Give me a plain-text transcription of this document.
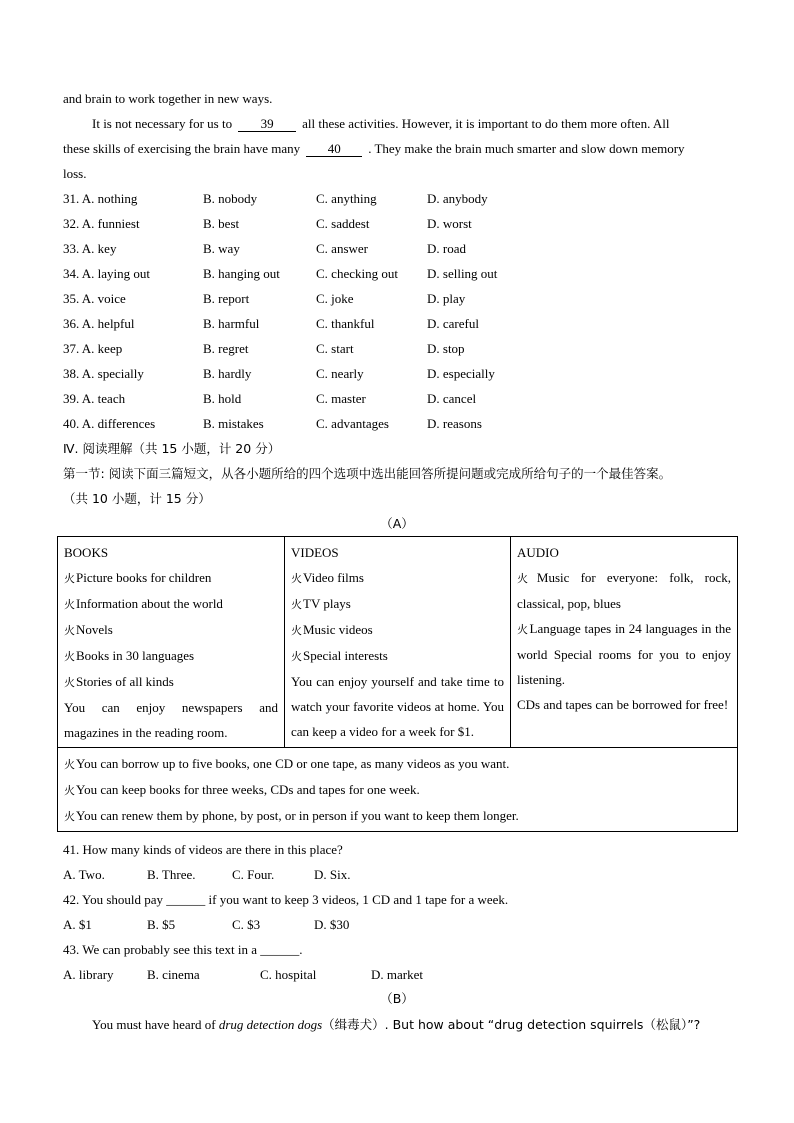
and brain to work together in new ways.
It is not necessary for us to 39 all these activities. However, it is important to do them more often. All
these skills of exercising the brain have many 40 . They make the brain much smarter and slow down memory
loss.
31. A. nothing	B. nobody	C. anything	D. anybody
32. A. funniest	B. best	C. saddest	D. worst
33. A. key	B. way	C. answer	D. road
34. A. laying out	B. hanging out	C. checking out D. selling out
35. A. voice	B. report	C. joke	D. play
36. A. helpful	B. harmful	C. thankful	D. careful
37. A. keep	B. regret	C. start	D. stop
38. A. specially	B. hardly	C. nearly	D. especially
39. A. teach	B. hold	C. master	D. cancel
40. A. differences	B. mistakes	C. advantages	D. reasons
Ⅳ. 阅读理解（共 15 小题，计 20 分）
第一节: 阅读下面三篇短文，从各小题所给的四个选项中选出能回答所提问题或完成所给句子的一个最佳答案。
（共 10 小题，计 15 分）
（A）
BOOKS
火 Picture books for children
火 Information about the world
火 Novels
火 Books in 30 languages
火 Stories of all kinds
You can enjoy newspapers and magazines in the reading room.

VIDEOS
火 Video films
火 TV plays
火 Music videos
火 Special interests
You can enjoy yourself and take time to watch your favorite videos at home. You can keep a video for a week for $1.

AUDIO
火 Music for everyone: folk, rock, classical, pop, blues
火 Language tapes in 24 languages in the world Special rooms for you to enjoy listening.
CDs and tapes can be borrowed for free!

火 You can borrow up to five books, one CD or one tape, as many videos as you want.
火 You can keep books for three weeks, CDs and tapes for one week.
火 You can renew them by phone, by post, or in person if you want to keep them longer.
41. How many kinds of videos are there in this place?
A. Two.	B. Three.	C. Four.	D. Six.
42. You should pay ______ if you want to keep 3 videos, 1 CD and 1 tape for a week.
A. $1	B. $5	C. $3	D. $30
43. We can probably see this text in a ______.
A. library	B. cinema	C. hospital	D. market
（B）
You must have heard of drug detection dogs（缉毒犬）. But how about “drug detection squirrels（松鼠）”?
